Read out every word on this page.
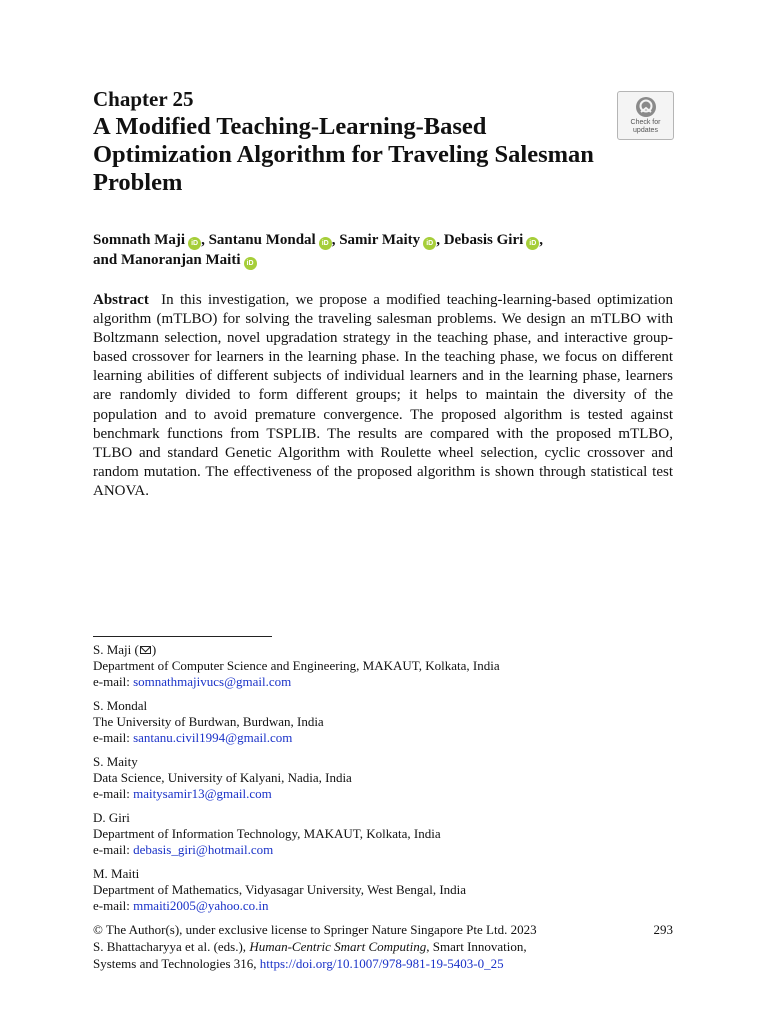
Chapter 25
A Modified Teaching-Learning-Based Optimization Algorithm for Traveling Salesman Problem
Check for
updates
Somnath Maji iD , Santanu Mondal iD , Samir Maity iD , Debasis Giri iD ,
and Manoranjan Maiti iD
Abstract In this investigation, we propose a modified teaching-learning-based optimization algorithm (mTLBO) for solving the traveling salesman problems. We design an mTLBO with Boltzmann selection, novel upgradation strategy in the teaching phase, and interactive group-based crossover for learners in the learning phase. In the teaching phase, we focus on different learning abilities of different subjects of individual learners and in the learning phase, learners are randomly divided to form different groups; it helps to maintain the diversity of the population and to avoid premature convergence. The proposed algorithm is tested against benchmark functions from TSPLIB. The results are compared with the proposed mTLBO, TLBO and standard Genetic Algorithm with Roulette wheel selection, cyclic crossover and random mutation. The effectiveness of the proposed algorithm is shown through statistical test ANOVA.
S. Maji ( )
Department of Computer Science and Engineering, MAKAUT, Kolkata, India
e-mail: somnathmajivucs@gmail.com
S. Mondal
The University of Burdwan, Burdwan, India
e-mail: santanu.civil1994@gmail.com
S. Maity
Data Science, University of Kalyani, Nadia, India
e-mail: maitysamir13@gmail.com
D. Giri
Department of Information Technology, MAKAUT, Kolkata, India
e-mail: debasis_giri@hotmail.com
M. Maiti
Department of Mathematics, Vidyasagar University, West Bengal, India
e-mail: mmaiti2005@yahoo.co.in
© The Author(s), under exclusive license to Springer Nature Singapore Pte Ltd. 2023
S. Bhattacharyya et al. (eds.), Human-Centric Smart Computing, Smart Innovation,
Systems and Technologies 316, https://doi.org/10.1007/978-981-19-5403-0_25
293
